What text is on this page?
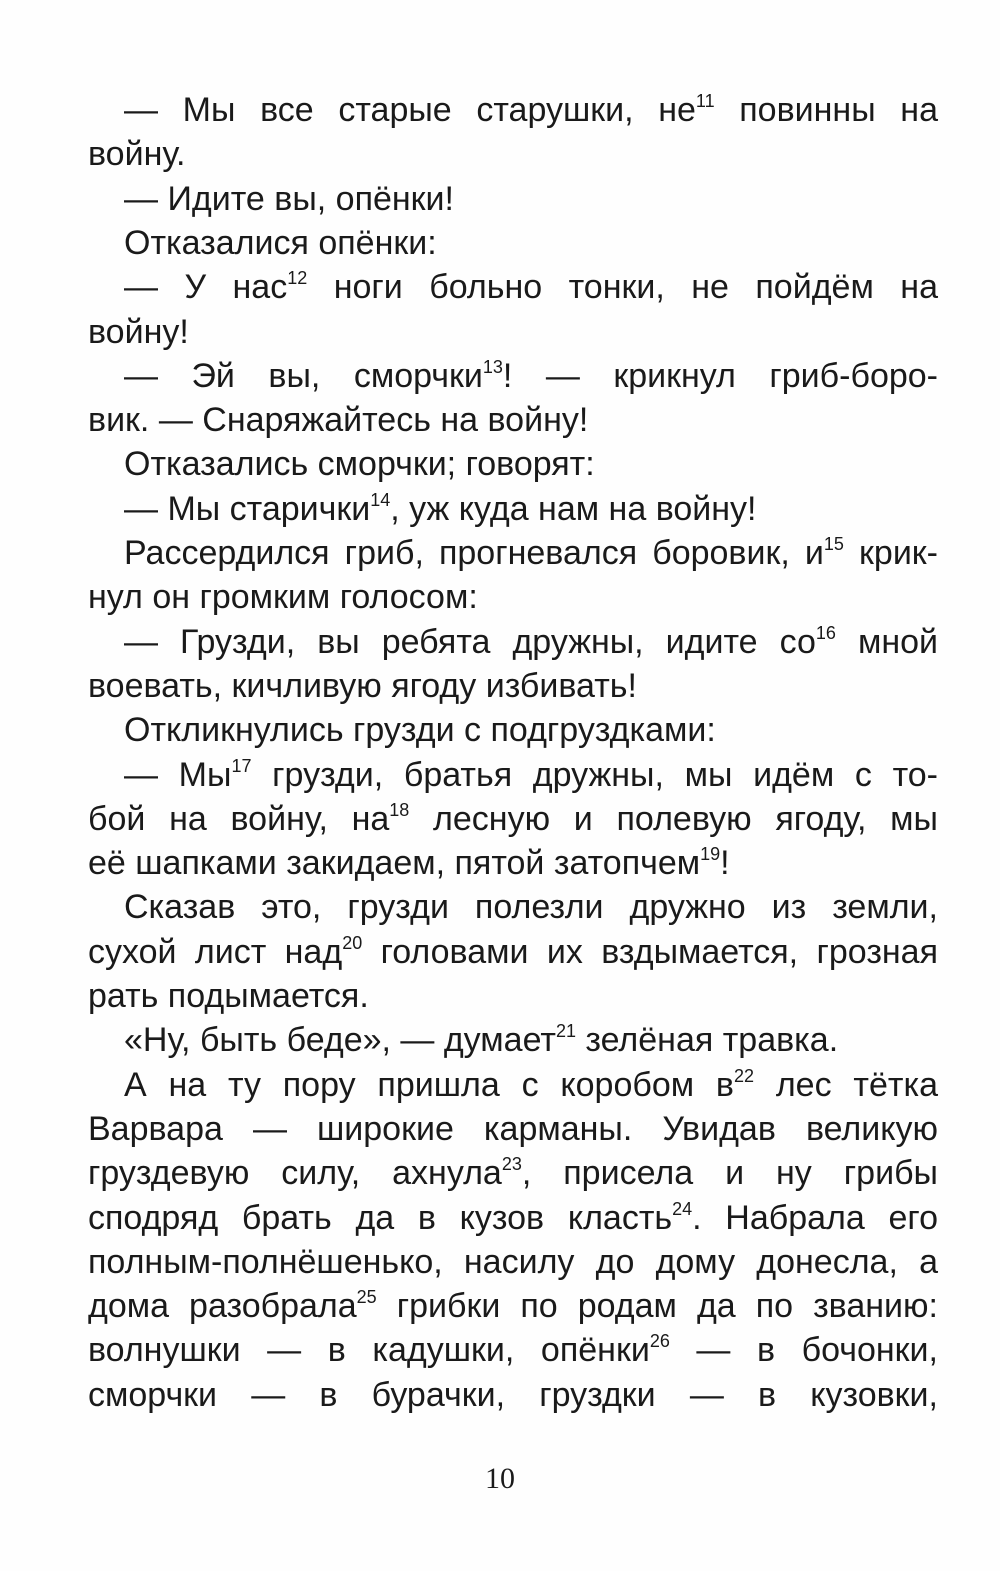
— Мы все старые старушки, $не^{11}$ повинны на

войну.

— Идите вы, опёнки!

Отказалися опёнки:

— У нас$^{12}$ ноги больно тонки, не пойдём на

войну!

— Эй вы, сморчки$^{13}$! — крикнул гриб-боро-

вик. — Снаряжайтесь на войну!

Отказались сморчки; говорят:

— Мы старички$^{14}$, уж куда нам на войну!

Рассердился гриб, прогневался боровик, $и^{15}$ крик-

нул он громким голосом:

— Грузди, вы ребята дружны, идите $со^{16}$ мной

воевать, кичливую ягоду избивать!

Откликнулись грузди с подгруздками:

— $Мы^{17}$ грузди, братья дружны, мы идём с то-

бой на войну, $на^{18}$ лесную и полевую ягоду, мы

её шапками закидаем, пятой затопчем$^{19}$!

Сказав это, грузди полезли дружно из земли,

сухой лист над$^{20}$ головами их вздымается, грозная

рать подымается.

«Ну, быть беде», — думает$^{21}$ зелёная травка.

А на ту пору пришла с коробом $в^{22}$ лес тётка

Варвара — широкие карманы. Увидав великую

груздевую силу, ахнула$^{23}$, присела и ну грибы

сподряд брать да в кузов класть$^{24}$. Набрала его

полным-полнёшенько, насилу до дому донесла, а

дома разобрала$^{25}$ грибки по родам да по званию:

волнушки — в кадушки, опёнки$^{26}$ — в бочонки,

сморчки — в бурачки, груздки — в кузовки,

10
